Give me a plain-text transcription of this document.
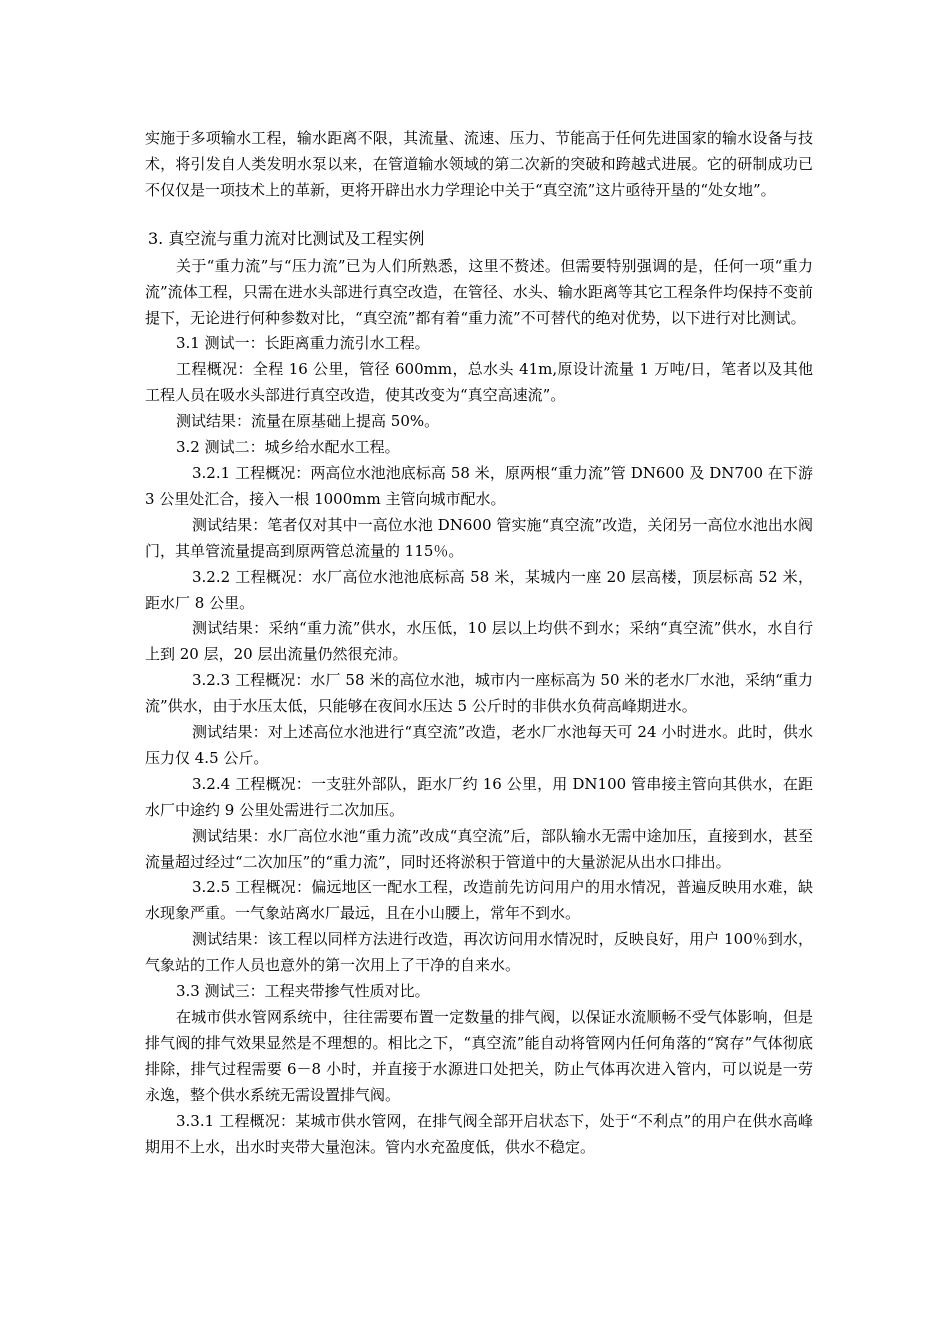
实施于多项输水工程，输水距离不限，其流量、流速、压力、节能高于任何先进国家的输水设备与技术，将引发自人类发明水泵以来，在管道输水领域的第二次新的突破和跨越式进展。它的研制成功已不仅仅是一项技术上的革新，更将开辟出水力学理论中关于“真空流”这片亟待开垦的“处女地”。

3. 真空流与重力流对比测试及工程实例

关于“重力流”与“压力流”已为人们所熟悉，这里不赘述。但需要特别强调的是，任何一项“重力流”流体工程，只需在进水头部进行真空改造，在管径、水头、输水距离等其它工程条件均保持不变前提下，无论进行何种参数对比，“真空流”都有着“重力流”不可替代的绝对优势，以下进行对比测试。

3.1 测试一：长距离重力流引水工程。

工程概况：全程 16 公里，管径 600mm，总水头 41m,原设计流量 1 万吨/日，笔者以及其他工程人员在吸水头部进行真空改造，使其改变为“真空高速流”。

测试结果：流量在原基础上提高 50%。

3.2 测试二：城乡给水配水工程。

3.2.1 工程概况：两高位水池池底标高 58 米，原两根“重力流”管 DN600 及 DN700 在下游 3 公里处汇合，接入一根 1000mm 主管向城市配水。

测试结果：笔者仅对其中一高位水池 DN600 管实施“真空流”改造，关闭另一高位水池出水阀门，其单管流量提高到原两管总流量的 115％。

3.2.2 工程概况：水厂高位水池池底标高 58 米，某城内一座 20 层高楼，顶层标高 52 米，距水厂 8 公里。

测试结果：采纳“重力流”供水，水压低，10 层以上均供不到水；采纳“真空流”供水，水自行上到 20 层，20 层出流量仍然很充沛。

3.2.3 工程概况：水厂 58 米的高位水池，城市内一座标高为 50 米的老水厂水池，采纳“重力流”供水，由于水压太低，只能够在夜间水压达 5 公斤时的非供水负荷高峰期进水。

测试结果：对上述高位水池进行“真空流”改造，老水厂水池每天可 24 小时进水。此时，供水压力仅 4.5 公斤。

3.2.4 工程概况：一支驻外部队，距水厂约 16 公里，用 DN100 管串接主管向其供水，在距水厂中途约 9 公里处需进行二次加压。

测试结果：水厂高位水池“重力流”改成“真空流”后，部队输水无需中途加压，直接到水，甚至流量超过经过“二次加压”的“重力流”，同时还将淤积于管道中的大量淤泥从出水口排出。

3.2.5 工程概况：偏远地区一配水工程，改造前先访问用户的用水情况，普遍反映用水难，缺水现象严重。一气象站离水厂最远，且在小山腰上，常年不到水。

测试结果：该工程以同样方法进行改造，再次访问用水情况时，反映良好，用户 100％到水，气象站的工作人员也意外的第一次用上了干净的自来水。

3.3 测试三：工程夹带掺气性质对比。

在城市供水管网系统中，往往需要布置一定数量的排气阀，以保证水流顺畅不受气体影响，但是排气阀的排气效果显然是不理想的。相比之下，“真空流”能自动将管网内任何角落的“窝存”气体彻底排除，排气过程需要 6－8 小时，并直接于水源进口处把关，防止气体再次进入管内，可以说是一劳永逸，整个供水系统无需设置排气阀。

3.3.1 工程概况：某城市供水管网，在排气阀全部开启状态下，处于“不利点”的用户在供水高峰期用不上水，出水时夹带大量泡沫。管内水充盈度低，供水不稳定。
